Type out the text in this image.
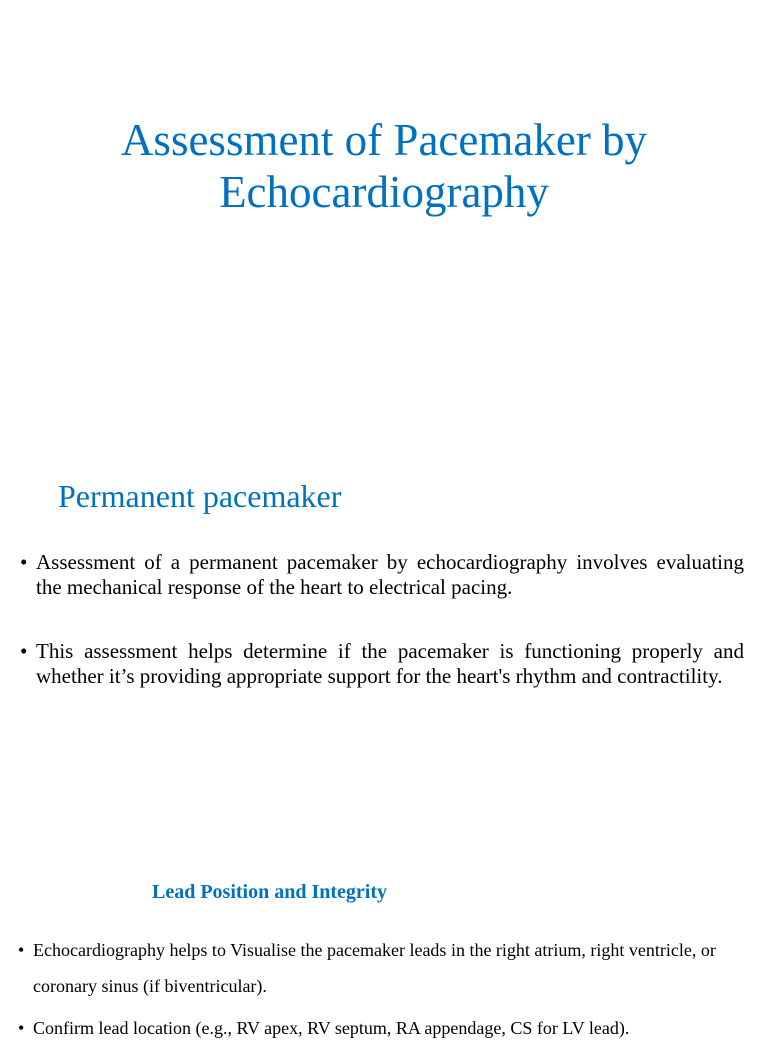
Assessment of Pacemaker by Echocardiography
Permanent pacemaker
• Assessment of a permanent pacemaker by echocardiography involves evaluating the mechanical response of the heart to electrical pacing.
• This assessment helps determine if the pacemaker is functioning properly and whether it’s providing appropriate support for the heart's rhythm and contractility.
Lead Position and Integrity
• Echocardiography helps to Visualise the pacemaker leads in the right atrium, right ventricle, or coronary sinus (if biventricular).
• Confirm lead location (e.g., RV apex, RV septum, RA appendage, CS for LV lead).
